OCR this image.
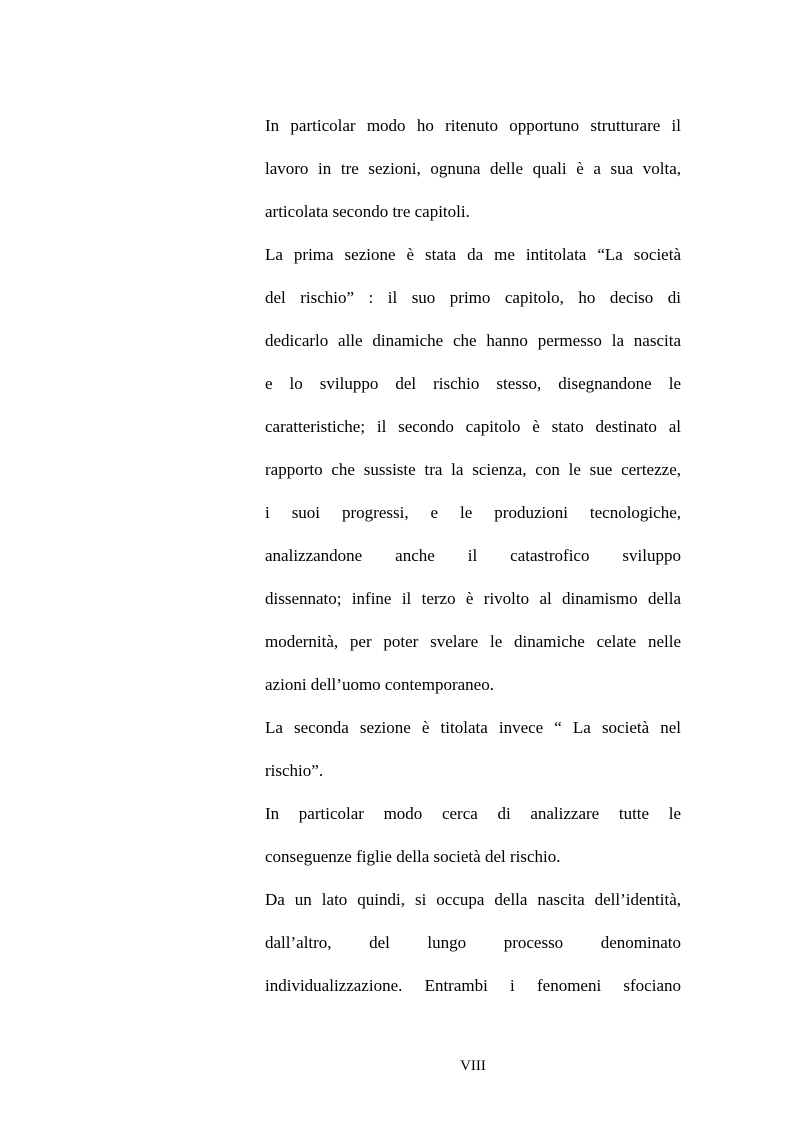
In particolar modo ho ritenuto opportuno strutturare il
lavoro in tre sezioni, ognuna delle quali è a sua volta,
articolata secondo tre capitoli.
La prima sezione è stata da me intitolata “La società
del rischio” : il suo primo capitolo, ho deciso di
dedicarlo alle dinamiche che hanno permesso la nascita
e lo sviluppo del rischio stesso, disegnandone le
caratteristiche; il secondo capitolo è stato destinato al
rapporto che sussiste tra la scienza, con le sue certezze,
i suoi progressi, e le produzioni tecnologiche,
analizzandone anche il catastrofico sviluppo
dissennato; infine il terzo è rivolto al dinamismo della
modernità, per poter svelare le dinamiche celate nelle
azioni dell’uomo contemporaneo.
La seconda sezione è titolata invece “ La società nel
rischio”.
In particolar modo cerca di analizzare tutte le
conseguenze figlie della società del rischio.
Da un lato quindi, si occupa della nascita dell’identità,
dall’altro, del lungo processo denominato
individualizzazione. Entrambi i fenomeni sfociano
VIII
